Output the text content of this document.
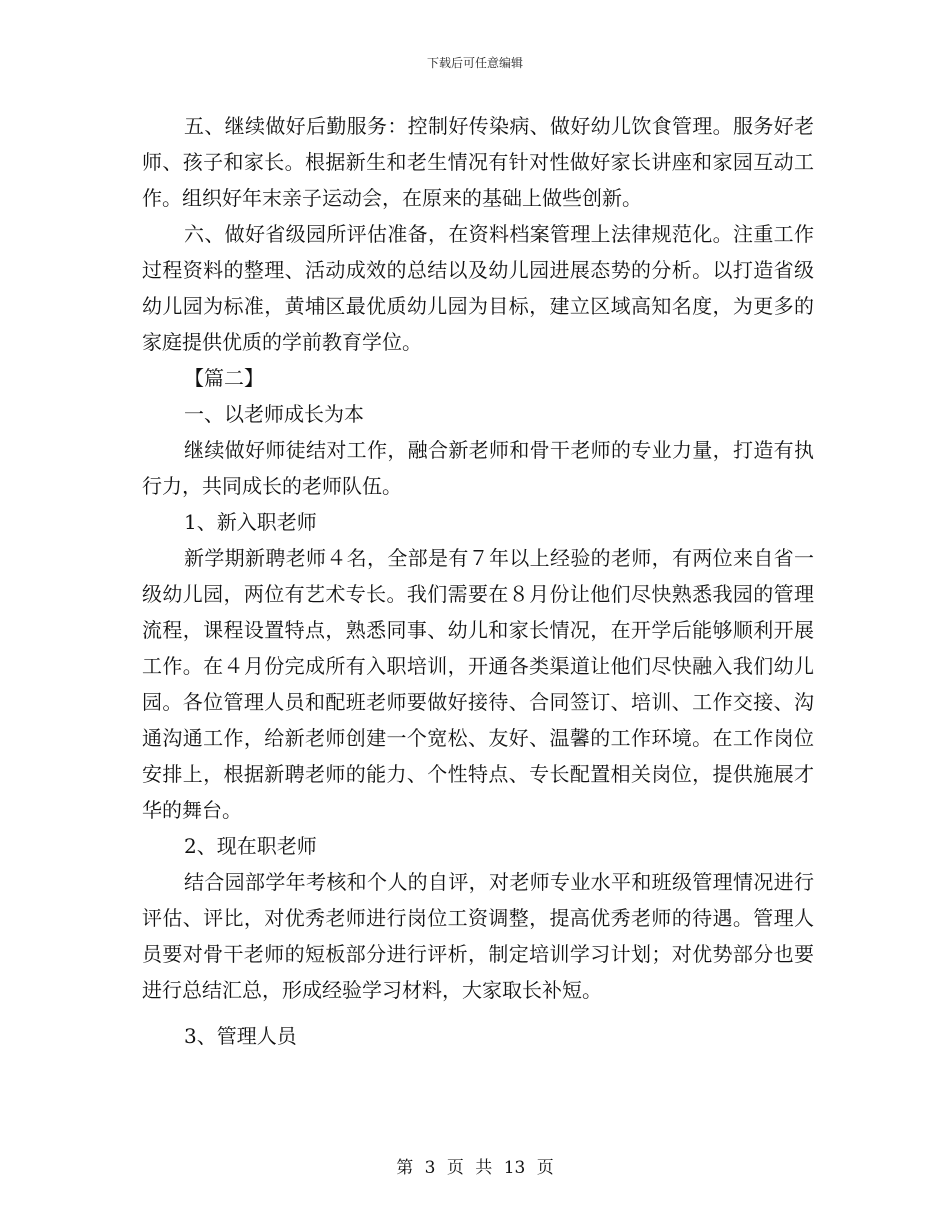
下载后可任意编辑

五、继续做好后勤服务：控制好传染病、做好幼儿饮食管理。服务好老师、孩子和家长。根据新生和老生情况有针对性做好家长讲座和家园互动工作。组织好年末亲子运动会，在原来的基础上做些创新。

六、做好省级园所评估准备，在资料档案管理上法律规范化。注重工作过程资料的整理、活动成效的总结以及幼儿园进展态势的分析。以打造省级幼儿园为标准，黄埔区最优质幼儿园为目标，建立区域高知名度，为更多的家庭提供优质的学前教育学位。

【篇二】

一、以老师成长为本

继续做好师徒结对工作，融合新老师和骨干老师的专业力量，打造有执行力，共同成长的老师队伍。

1、新入职老师

新学期新聘老师４名，全部是有７年以上经验的老师，有两位来自省一级幼儿园，两位有艺术专长。我们需要在８月份让他们尽快熟悉我园的管理流程，课程设置特点，熟悉同事、幼儿和家长情况，在开学后能够顺利开展工作。在４月份完成所有入职培训，开通各类渠道让他们尽快融入我们幼儿园。各位管理人员和配班老师要做好接待、合同签订、培训、工作交接、沟通沟通工作，给新老师创建一个宽松、友好、温馨的工作环境。在工作岗位安排上，根据新聘老师的能力、个性特点、专长配置相关岗位，提供施展才华的舞台。

2、现在职老师

结合园部学年考核和个人的自评，对老师专业水平和班级管理情况进行评估、评比，对优秀老师进行岗位工资调整，提高优秀老师的待遇。管理人员要对骨干老师的短板部分进行评析，制定培训学习计划；对优势部分也要进行总结汇总，形成经验学习材料，大家取长补短。

3、管理人员

第 3 页 共 13 页
